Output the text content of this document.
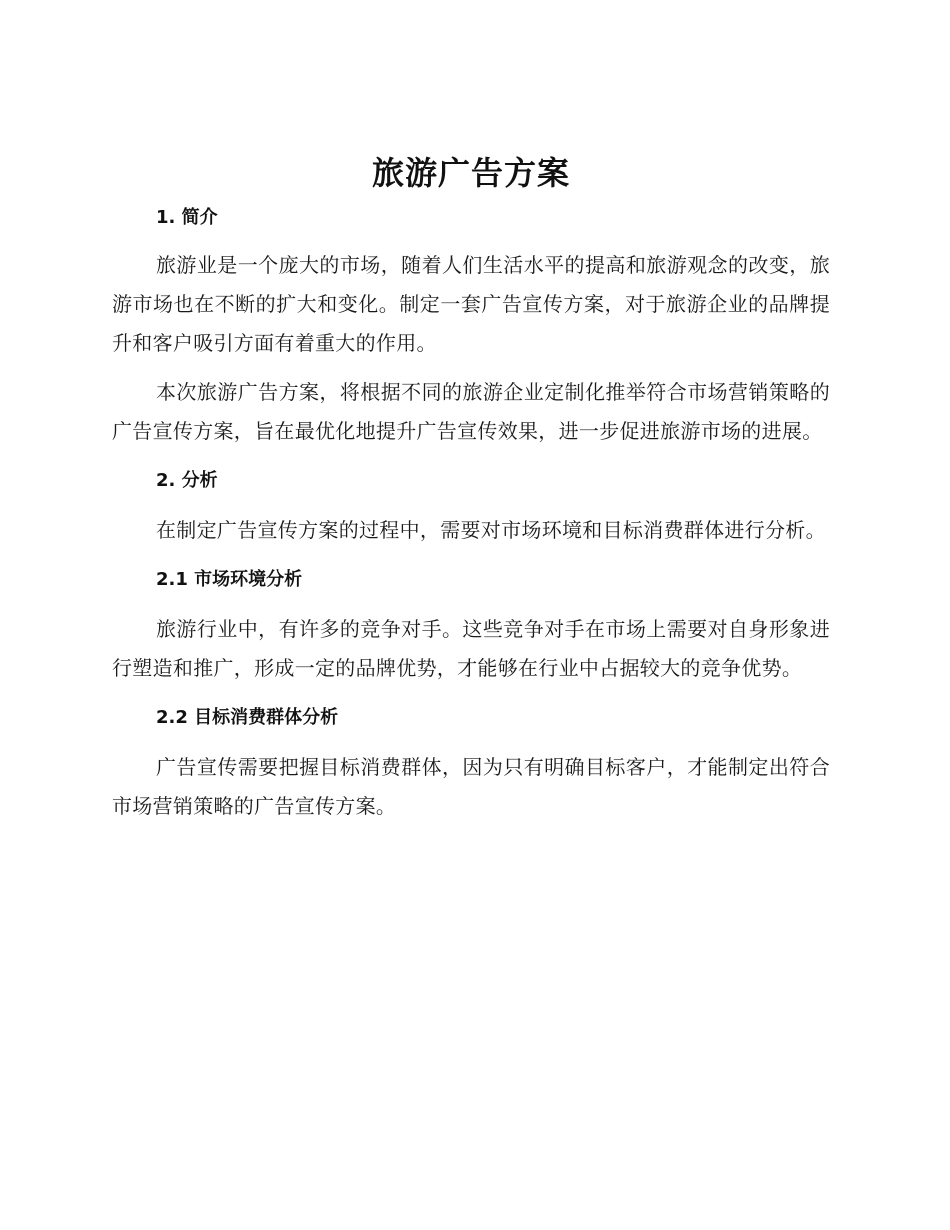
旅游广告方案
1. 简介

旅游业是一个庞大的市场，随着人们生活水平的提高和旅游观念的改变，旅游市场也在不断的扩大和变化。制定一套广告宣传方案，对于旅游企业的品牌提升和客户吸引方面有着重大的作用。

本次旅游广告方案，将根据不同的旅游企业定制化推举符合市场营销策略的广告宣传方案，旨在最优化地提升广告宣传效果，进一步促进旅游市场的进展。

2. 分析

在制定广告宣传方案的过程中，需要对市场环境和目标消费群体进行分析。

2.1 市场环境分析

旅游行业中，有许多的竞争对手。这些竞争对手在市场上需要对自身形象进行塑造和推广，形成一定的品牌优势，才能够在行业中占据较大的竞争优势。

2.2 目标消费群体分析

广告宣传需要把握目标消费群体，因为只有明确目标客户，才能制定出符合市场营销策略的广告宣传方案。
